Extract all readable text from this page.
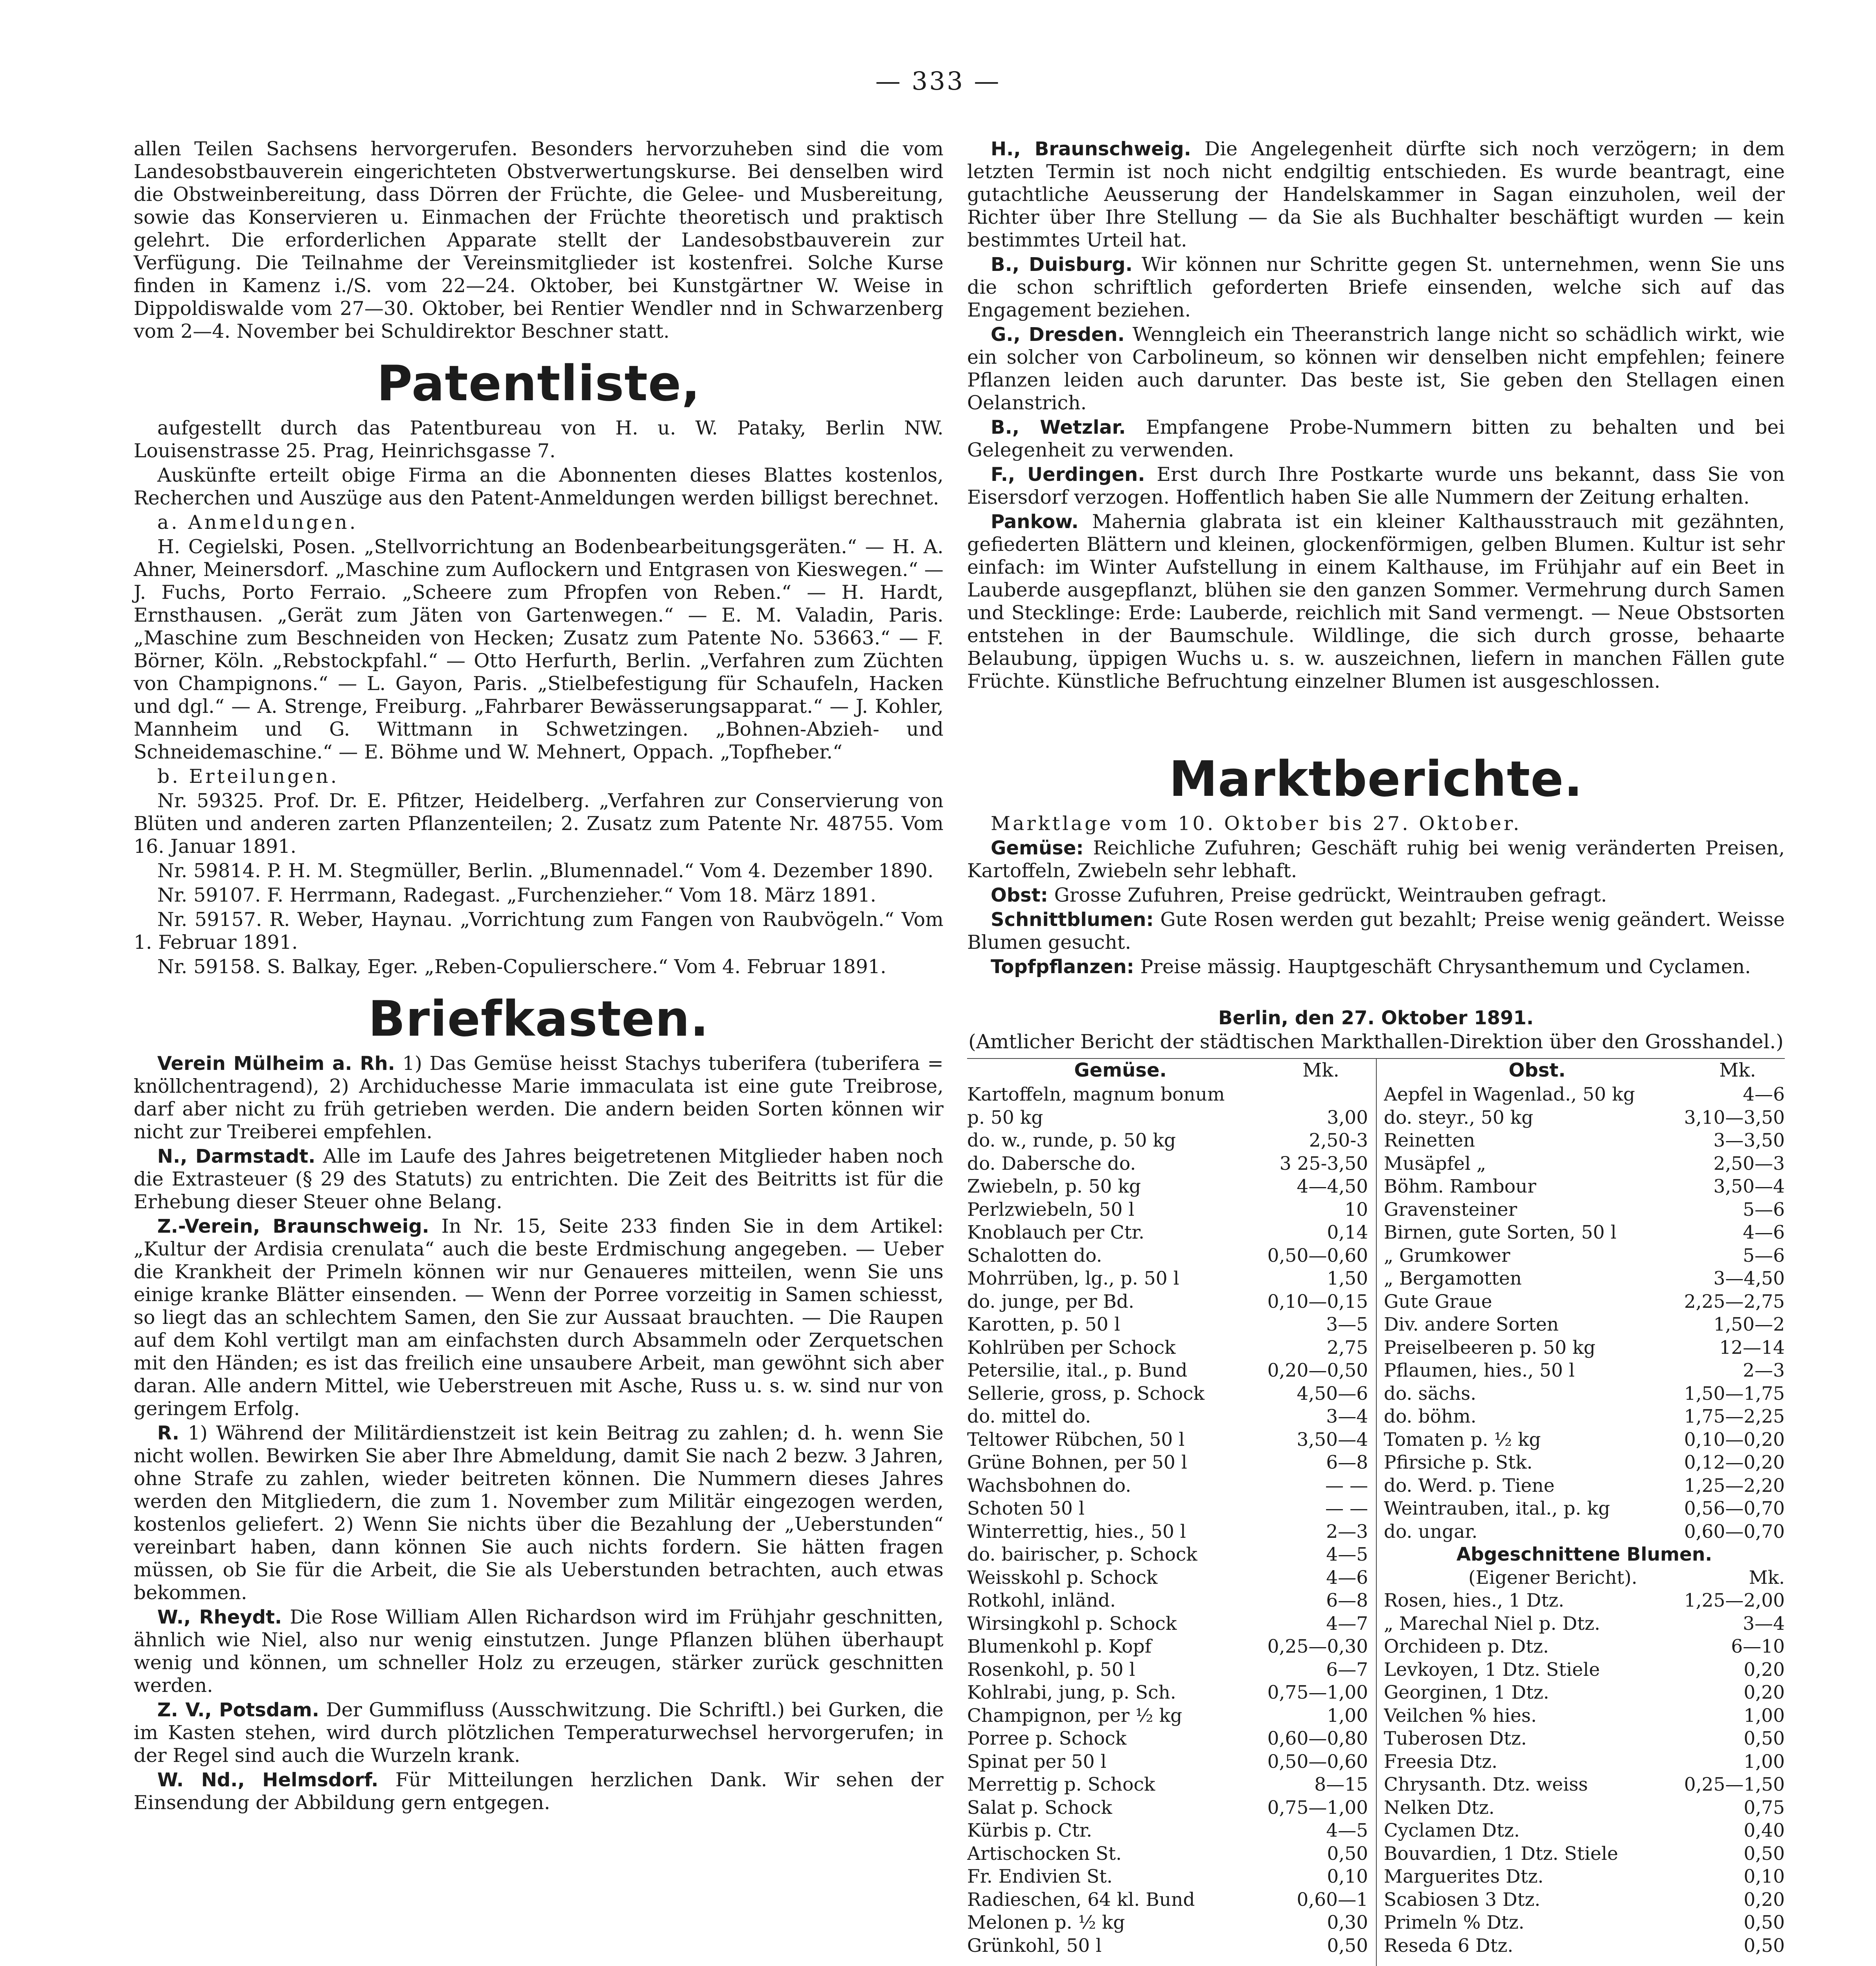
— 333 —

allen Teilen Sachsens hervorgerufen. Besonders hervorzuheben sind die vom Landesobstbauverein eingerichteten Obstverwertungskurse. Bei denselben wird die Obstweinbereitung, dass Dörren der Früchte, die Gelee- und Musbereitung, sowie das Konservieren u. Einmachen der Früchte theoretisch und praktisch gelehrt. Die erforderlichen Apparate stellt der Landesobstbauverein zur Verfügung. Die Teilnahme der Vereinsmitglieder ist kostenfrei. Solche Kurse finden in Kamenz i./S. vom 22—24. Oktober, bei Kunstgärtner W. Weise in Dippoldiswalde vom 27—30. Oktober, bei Rentier Wendler nnd in Schwarzenberg vom 2—4. November bei Schuldirektor Beschner statt.

Patentliste,

aufgestellt durch das Patentbureau von H. u. W. Pataky, Berlin NW. Louisenstrasse 25. Prag, Heinrichsgasse 7.

Auskünfte erteilt obige Firma an die Abonnenten dieses Blattes kostenlos, Recherchen und Auszüge aus den Patent-Anmeldungen werden billigst berechnet.

a. Anmeldungen.

H. Cegielski, Posen. „Stellvorrichtung an Bodenbearbeitungsgeräten.“ — H. A. Ahner, Meinersdorf. „Maschine zum Auflockern und Entgrasen von Kieswegen.“ — J. Fuchs, Porto Ferraio. „Scheere zum Pfropfen von Reben.“ — H. Hardt, Ernsthausen. „Gerät zum Jäten von Gartenwegen.“ — E. M. Valadin, Paris. „Maschine zum Beschneiden von Hecken; Zusatz zum Patente No. 53663.“ — F. Börner, Köln. „Rebstockpfahl.“ — Otto Herfurth, Berlin. „Verfahren zum Züchten von Champignons.“ — L. Gayon, Paris. „Stielbefestigung für Schaufeln, Hacken und dgl.“ — A. Strenge, Freiburg. „Fahrbarer Bewässerungsapparat.“ — J. Kohler, Mannheim und G. Wittmann in Schwetzingen. „Bohnen-Abzieh- und Schneidemaschine.“ — E. Böhme und W. Mehnert, Oppach. „Topfheber.“

b. Erteilungen.

Nr. 59325. Prof. Dr. E. Pfitzer, Heidelberg. „Verfahren zur Conservierung von Blüten und anderen zarten Pflanzenteilen; 2. Zusatz zum Patente Nr. 48755. Vom 16. Januar 1891.

Nr. 59814. P. H. M. Stegmüller, Berlin. „Blumennadel.“ Vom 4. Dezember 1890.

Nr. 59107. F. Herrmann, Radegast. „Furchenzieher.“ Vom 18. März 1891.

Nr. 59157. R. Weber, Haynau. „Vorrichtung zum Fangen von Raubvögeln.“ Vom 1. Februar 1891.

Nr. 59158. S. Balkay, Eger. „Reben-Copulierschere.“ Vom 4. Februar 1891.

Briefkasten.

Verein Mülheim a. Rh. 1) Das Gemüse heisst Stachys tuberifera (tuberifera = knöllchentragend), 2) Archiduchesse Marie immaculata ist eine gute Treibrose, darf aber nicht zu früh getrieben werden. Die andern beiden Sorten können wir nicht zur Treiberei empfehlen.

N., Darmstadt. Alle im Laufe des Jahres beigetretenen Mitglieder haben noch die Extrasteuer (§ 29 des Statuts) zu entrichten. Die Zeit des Beitritts ist für die Erhebung dieser Steuer ohne Belang.

Z.-Verein, Braunschweig. In Nr. 15, Seite 233 finden Sie in dem Artikel: „Kultur der Ardisia crenulata“ auch die beste Erdmischung angegeben. — Ueber die Krankheit der Primeln können wir nur Genaueres mitteilen, wenn Sie uns einige kranke Blätter einsenden. — Wenn der Porree vorzeitig in Samen schiesst, so liegt das an schlechtem Samen, den Sie zur Aussaat brauchten. — Die Raupen auf dem Kohl vertilgt man am einfachsten durch Absammeln oder Zerquetschen mit den Händen; es ist das freilich eine unsaubere Arbeit, man gewöhnt sich aber daran. Alle andern Mittel, wie Ueberstreuen mit Asche, Russ u. s. w. sind nur von geringem Erfolg.

R. 1) Während der Militärdienstzeit ist kein Beitrag zu zahlen; d. h. wenn Sie nicht wollen. Bewirken Sie aber Ihre Abmeldung, damit Sie nach 2 bezw. 3 Jahren, ohne Strafe zu zahlen, wieder beitreten können. Die Nummern dieses Jahres werden den Mitgliedern, die zum 1. November zum Militär eingezogen werden, kostenlos geliefert. 2) Wenn Sie nichts über die Bezahlung der „Ueberstunden“ vereinbart haben, dann können Sie auch nichts fordern. Sie hätten fragen müssen, ob Sie für die Arbeit, die Sie als Ueberstunden betrachten, auch etwas bekommen.

W., Rheydt. Die Rose William Allen Richardson wird im Frühjahr geschnitten, ähnlich wie Niel, also nur wenig einstutzen. Junge Pflanzen blühen überhaupt wenig und können, um schneller Holz zu erzeugen, stärker zurück geschnitten werden.

Z. V., Potsdam. Der Gummifluss (Ausschwitzung. Die Schriftl.) bei Gurken, die im Kasten stehen, wird durch plötzlichen Temperaturwechsel hervorgerufen; in der Regel sind auch die Wurzeln krank.

W. Nd., Helmsdorf. Für Mitteilungen herzlichen Dank. Wir sehen der Einsendung der Abbildung gern entgegen.

H., Braunschweig. Die Angelegenheit dürfte sich noch verzögern; in dem letzten Termin ist noch nicht endgiltig entschieden. Es wurde beantragt, eine gutachtliche Aeusserung der Handelskammer in Sagan einzuholen, weil der Richter über Ihre Stellung — da Sie als Buchhalter beschäftigt wurden — kein bestimmtes Urteil hat.

B., Duisburg. Wir können nur Schritte gegen St. unternehmen, wenn Sie uns die schon schriftlich geforderten Briefe einsenden, welche sich auf das Engagement beziehen.

G., Dresden. Wenngleich ein Theeranstrich lange nicht so schädlich wirkt, wie ein solcher von Carbolineum, so können wir denselben nicht empfehlen; feinere Pflanzen leiden auch darunter. Das beste ist, Sie geben den Stellagen einen Oelanstrich.

B., Wetzlar. Empfangene Probe-Nummern bitten zu behalten und bei Gelegenheit zu verwenden.

F., Uerdingen. Erst durch Ihre Postkarte wurde uns bekannt, dass Sie von Eisersdorf verzogen. Hoffentlich haben Sie alle Nummern der Zeitung erhalten.

Pankow. Mahernia glabrata ist ein kleiner Kalthausstrauch mit gezähnten, gefiederten Blättern und kleinen, glockenförmigen, gelben Blumen. Kultur ist sehr einfach: im Winter Aufstellung in einem Kalthause, im Frühjahr auf ein Beet in Lauberde ausgepflanzt, blühen sie den ganzen Sommer. Vermehrung durch Samen und Stecklinge: Erde: Lauberde, reichlich mit Sand vermengt. — Neue Obstsorten entstehen in der Baumschule. Wildlinge, die sich durch grosse, behaarte Belaubung, üppigen Wuchs u. s. w. auszeichnen, liefern in manchen Fällen gute Früchte. Künstliche Befruchtung einzelner Blumen ist ausgeschlossen.

Marktberichte.

Marktlage vom 10. Oktober bis 27. Oktober.

Gemüse: Reichliche Zufuhren; Geschäft ruhig bei wenig veränderten Preisen, Kartoffeln, Zwiebeln sehr lebhaft.

Obst: Grosse Zufuhren, Preise gedrückt, Weintrauben gefragt.

Schnittblumen: Gute Rosen werden gut bezahlt; Preise wenig geändert. Weisse Blumen gesucht.

Topfpflanzen: Preise mässig. Hauptgeschäft Chrysanthemum und Cyclamen.

Berlin, den 27. Oktober 1891.
(Amtlicher Bericht der städtischen Markthallen-Direktion über den Grosshandel.)
Gemüse.	Mk.
Kartoffeln, magnum bonum
p. 50 kg	3,00
do. w., runde, p. 50 kg	2,50-3
do. Dabersche do.	3 25-3,50
Zwiebeln, p. 50 kg	4—4,50
Perlzwiebeln, 50 l	10
Knoblauch per Ctr.	0,14
Schalotten do.	0,50—0,60
Mohrrüben, lg., p. 50 l	1,50
do. junge, per Bd.	0,10—0,15
Karotten, p. 50 l	3—5
Kohlrüben per Schock	2,75
Petersilie, ital., p. Bund	0,20—0,50
Sellerie, gross, p. Schock	4,50—6
do. mittel do.	3—4
Teltower Rübchen, 50 l	3,50—4
Grüne Bohnen, per 50 l	6—8
Wachsbohnen do.	— —
Schoten 50 l	— —
Winterrettig, hies., 50 l	2—3
do. bairischer, p. Schock	4—5
Weisskohl p. Schock	4—6
Rotkohl, inländ.	6—8
Wirsingkohl p. Schock	4—7
Blumenkohl p. Kopf	0,25—0,30
Rosenkohl, p. 50 l	6—7
Kohlrabi, jung, p. Sch.	0,75—1,00
Champignon, per ½ kg	1,00
Porree p. Schock	0,60—0,80
Spinat per 50 l	0,50—0,60
Merrettig p. Schock	8—15
Salat p. Schock	0,75—1,00
Kürbis p. Ctr.	4—5
Artischocken St.	0,50
Fr. Endivien St.	0,10
Radieschen, 64 kl. Bund	0,60—1
Melonen p. ½ kg	0,30
Grünkohl, 50 l	0,50
Obst.	Mk.
Aepfel in Wagenlad., 50 kg	4—6
do. steyr., 50 kg	3,10—3,50
Reinetten	3—3,50
Musäpfel „	2,50—3
Böhm. Rambour	3,50—4
Gravensteiner	5—6
Birnen, gute Sorten, 50 l	4—6
„ Grumkower	5—6
„ Bergamotten	3—4,50
Gute Graue	2,25—2,75
Div. andere Sorten	1,50—2
Preiselbeeren p. 50 kg	12—14
Pflaumen, hies., 50 l	2—3
do. sächs.	1,50—1,75
do. böhm.	1,75—2,25
Tomaten p. ½ kg	0,10—0,20
Pfirsiche p. Stk.	0,12—0,20
do. Werd. p. Tiene	1,25—2,20
Weintrauben, ital., p. kg	0,56—0,70
do. ungar.	0,60—0,70
Abgeschnittene Blumen.
(Eigener Bericht).	Mk.
Rosen, hies., 1 Dtz.	1,25—2,00
„ Marechal Niel p. Dtz.	3—4
Orchideen p. Dtz.	6—10
Levkoyen, 1 Dtz. Stiele	0,20
Georginen, 1 Dtz.	0,20
Veilchen % hies.	1,00
Tuberosen Dtz.	0,50
Freesia Dtz.	1,00
Chrysanth. Dtz. weiss	0,25—1,50
Nelken Dtz.	0,75
Cyclamen Dtz.	0,40
Bouvardien, 1 Dtz. Stiele	0,50
Marguerites Dtz.	0,10
Scabiosen 3 Dtz.	0,20
Primeln % Dtz.	0,50
Reseda 6 Dtz.	0,50
